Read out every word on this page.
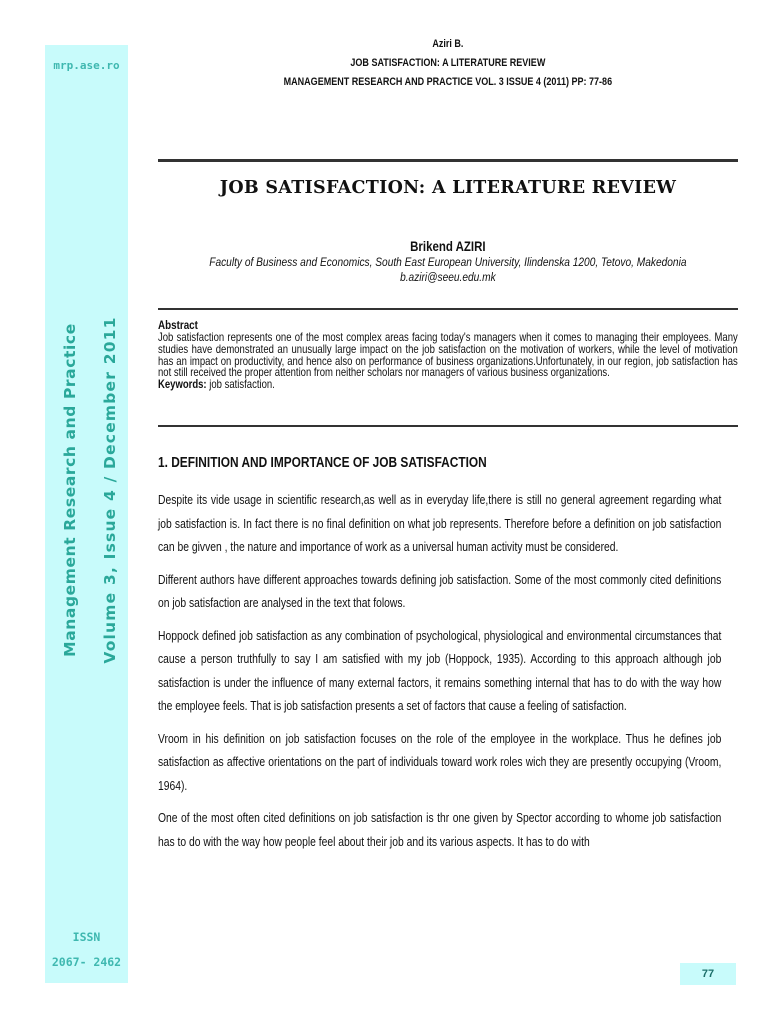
mrp.ase.ro
Management Research and Practice Volume 3, Issue 4 / December 2011
ISSN
2067- 2462
Aziri B.
JOB SATISFACTION: A LITERATURE REVIEW
MANAGEMENT RESEARCH AND PRACTICE VOL. 3 ISSUE 4 (2011) PP: 77-86
JOB SATISFACTION: A LITERATURE REVIEW
Brikend AZIRI
Faculty of Business and Economics, South East European University, Ilindenska 1200, Tetovo, Makedonia
b.aziri@seeu.edu.mk
Abstract
Job satisfaction represents one of the most complex areas facing today's managers when it comes to managing their employees. Many studies have demonstrated an unusually large impact on the job satisfaction on the motivation of workers, while the level of motivation has an impact on productivity, and hence also on performance of business organizations.Unfortunately, in our region, job satisfaction has not still received the proper attention from neither scholars nor managers of various business organizations.
Keywords: job satisfaction.
1. DEFINITION AND IMPORTANCE OF JOB SATISFACTION

Despite its vide usage in scientific research,as well as in everyday life,there is still no general agreement regarding what job satisfaction is. In fact there is no final definition on what job represents. Therefore before a definition on job satisfaction can be givven , the nature and importance of work as a universal human activity must be considered.

Different authors have different approaches towards defining job satisfaction. Some of the most commonly cited definitions on job satisfaction are analysed in the text that folows.

Hoppock defined job satisfaction as any combination of psychological, physiological and environmental circumstances that cause a person truthfully to say I am satisfied with my job (Hoppock, 1935). According to this approach although job satisfaction is under the influence of many external factors, it remains something internal that has to do with the way how the employee feels. That is job satisfaction presents a set of factors that cause a feeling of satisfaction.

Vroom in his definition on job satisfaction focuses on the role of the employee in the workplace. Thus he defines job satisfaction as affective orientations on the part of individuals toward work roles wich they are presently occupying (Vroom, 1964).

One of the most often cited definitions on job satisfaction is thr one given by Spector according to whome job satisfaction has to do with the way how people feel about their job and its various aspects. It has to do with

77
